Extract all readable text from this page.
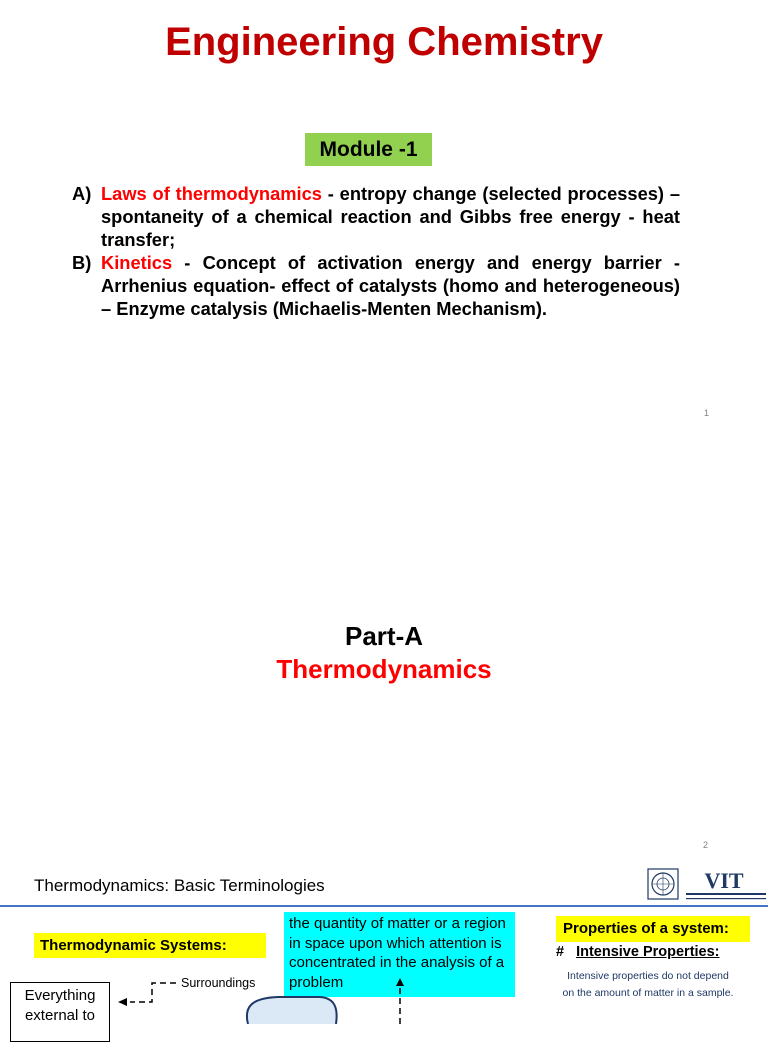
Engineering Chemistry
Module -1
A) Laws of thermodynamics - entropy change (selected processes) – spontaneity of a chemical reaction and Gibbs free energy - heat transfer;
B) Kinetics - Concept of activation energy and energy barrier - Arrhenius equation- effect of catalysts (homo and heterogeneous) – Enzyme catalysis (Michaelis-Menten Mechanism).
1
Part-A
Thermodynamics
2
Thermodynamics: Basic Terminologies	VIT
Thermodynamic Systems:
the quantity of matter or a region in space upon which attention is concentrated in the analysis of a problem
Properties of a system:
# Intensive Properties:
Intensive properties do not depend on the amount of matter in a sample.
Surroundings
Everything external to
